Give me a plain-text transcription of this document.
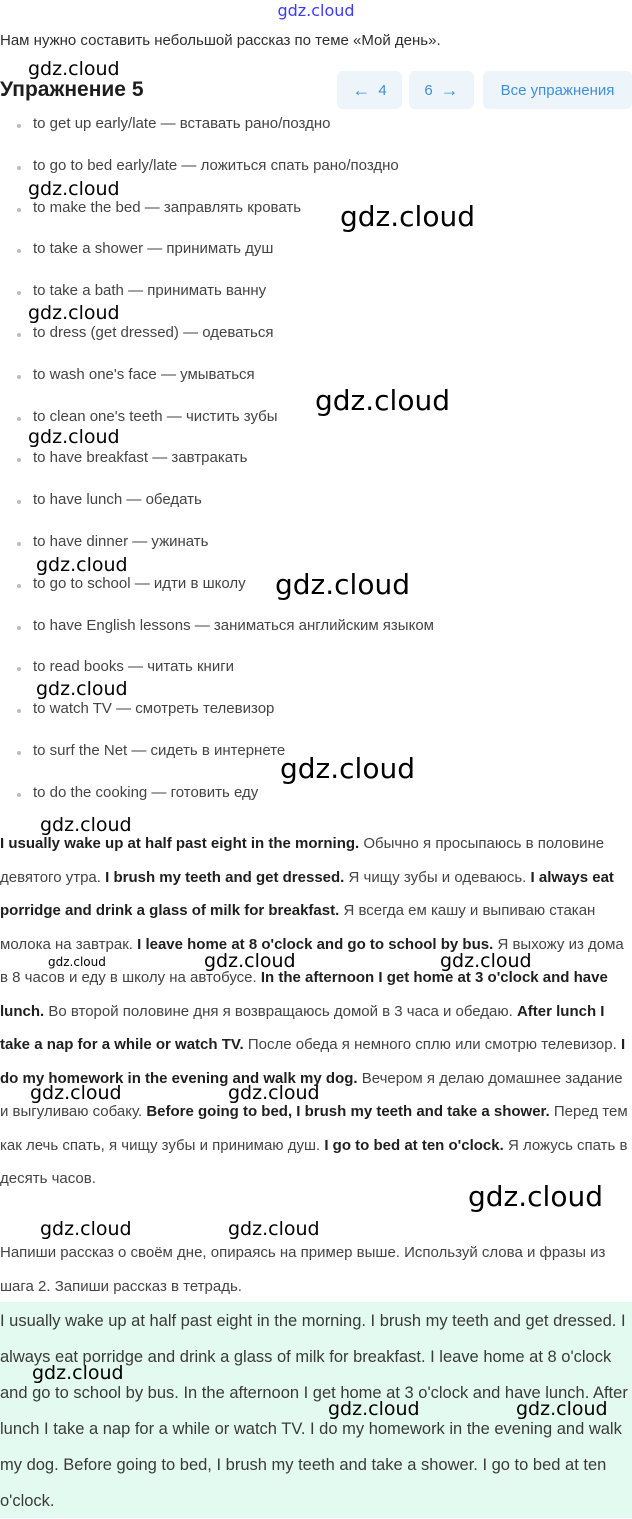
gdz.cloud
Нам нужно составить небольшой рассказ по теме «Мой день».
Упражнение 5	← 4	6 →	Все упражнения
to get up early/late — вставать рано/поздно
to go to bed early/late — ложиться спать рано/поздно
to make the bed — заправлять кровать
to take a shower — принимать душ
to take a bath — принимать ванну
to dress (get dressed) — одеваться
to wash one's face — умываться
to clean one's teeth — чистить зубы
to have breakfast — завтракать
to have lunch — обедать
to have dinner — ужинать
to go to school — идти в школу
to have English lessons — заниматься английским языком
to read books — читать книги
to watch TV — смотреть телевизор
to surf the Net — сидеть в интернете
to do the cooking — готовить еду
I usually wake up at half past eight in the morning. Обычно я просыпаюсь в половине девятого утра. I brush my teeth and get dressed. Я чищу зубы и одеваюсь. I always eat porridge and drink a glass of milk for breakfast. Я всегда ем кашу и выпиваю стакан молока на завтрак. I leave home at 8 o'clock and go to school by bus. Я выхожу из дома в 8 часов и еду в школу на автобусе. In the afternoon I get home at 3 o'clock and have lunch. Во второй половине дня я возвращаюсь домой в 3 часа и обедаю. After lunch I take a nap for a while or watch TV. После обеда я немного сплю или смотрю телевизор. I do my homework in the evening and walk my dog. Вечером я делаю домашнее задание и выгуливаю собаку. Before going to bed, I brush my teeth and take a shower. Перед тем как лечь спать, я чищу зубы и принимаю душ. I go to bed at ten o'clock. Я ложусь спать в десять часов.
Напиши рассказ о своём дне, опираясь на пример выше. Используй слова и фразы из шага 2. Запиши рассказ в тетрадь.
I usually wake up at half past eight in the morning. I brush my teeth and get dressed. I always eat porridge and drink a glass of milk for breakfast. I leave home at 8 o'clock and go to school by bus. In the afternoon I get home at 3 o'clock and have lunch. After lunch I take a nap for a while or watch TV. I do my homework in the evening and walk my dog. Before going to bed, I brush my teeth and take a shower. I go to bed at ten o'clock.
gdz.cloud
gdz.cloud
gdz.cloud
gdz.cloud
gdz.cloud
gdz.cloud
gdz.cloud
gdz.cloud
gdz.cloud
gdz.cloud
gdz.cloud
gdz.cloud	gdz.cloud
gdz.cloud
gdz.cloud	gdz.cloud
gdz.cloud
gdz.cloud	gdz.cloud
gdz.cloud
gdz.cloud	gdz.cloud
